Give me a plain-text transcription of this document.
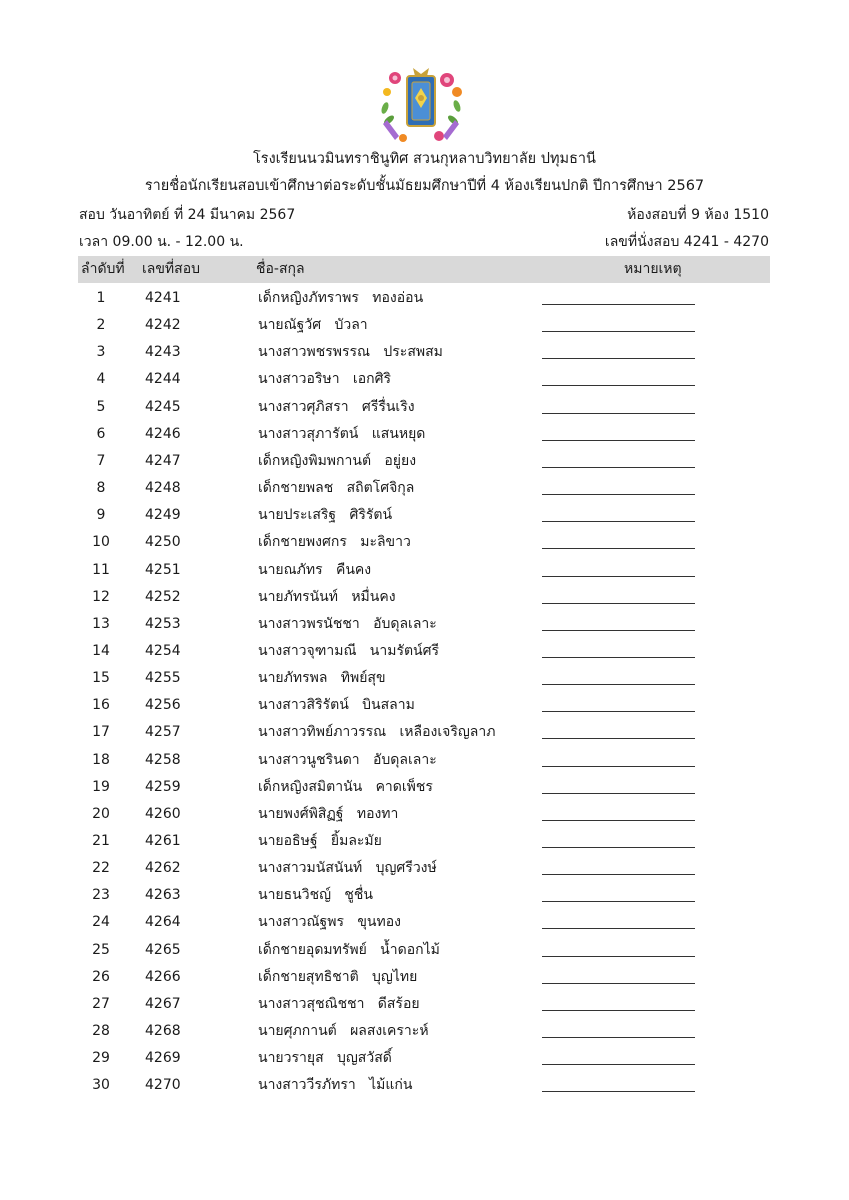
โรงเรียนนวมินทราชินูทิศ สวนกุหลาบวิทยาลัย ปทุมธานี
รายชื่อนักเรียนสอบเข้าศึกษาต่อระดับชั้นมัธยมศึกษาปีที่ 4 ห้องเรียนปกติ ปีการศึกษา 2567
สอบ วันอาทิตย์ ที่ 24 มีนาคม 2567	ห้องสอบที่ 9 ห้อง 1510
เวลา 09.00 น. - 12.00 น.	เลขที่นั่งสอบ 4241 - 4270
ลำดับที่ เลขที่สอบ	ชื่อ-สกุล	หมายเหตุ
1	4241	เด็กหญิงภัทราพร   ทองอ่อน
2	4242	นายณัฐวัศ   บัวลา
3	4243	นางสาวพชรพรรณ   ประสพสม
4	4244	นางสาวอริษา   เอกศิริ
5	4245	นางสาวศุภิสรา   ศรีรื่นเริง
6	4246	นางสาวสุภารัตน์   แสนหยุด
7	4247	เด็กหญิงพิมพกานต์   อยู่ยง
8	4248	เด็กชายพลช   สถิตโศจิกุล
9	4249	นายประเสริฐ   ศิริรัตน์
10	4250	เด็กชายพงศกร   มะลิขาว
11	4251	นายณภัทร   คืนคง
12	4252	นายภัทรนันท์   หมื่นคง
13	4253	นางสาวพรนัชชา   อับดุลเลาะ
14	4254	นางสาวจุฑามณี   นามรัตน์ศรี
15	4255	นายภัทรพล   ทิพย์สุข
16	4256	นางสาวสิริรัตน์   บินสลาม
17	4257	นางสาวทิพย์ภาวรรณ   เหลืองเจริญลาภ
18	4258	นางสาวนูชรินดา   อับดุลเลาะ
19	4259	เด็กหญิงสมิตานัน   คาดเพ็ชร
20	4260	นายพงศ์พิสิฏฐ์   ทองทา
21	4261	นายอธิษฐ์   ยิ้มละมัย
22	4262	นางสาวมนัสนันท์   บุญศรีวงษ์
23	4263	นายธนวิชญ์   ชูชื่น
24	4264	นางสาวณัฐพร   ขุนทอง
25	4265	เด็กชายอุดมทรัพย์   น้ำดอกไม้
26	4266	เด็กชายสุทธิชาติ   บุญไทย
27	4267	นางสาวสุชณิชชา   ดีสร้อย
28	4268	นายศุภกานต์   ผลสงเคราะห์
29	4269	นายวรายุส   บุญสวัสดิ์
30	4270	นางสาววีรภัทรา   ไม้แก่น
